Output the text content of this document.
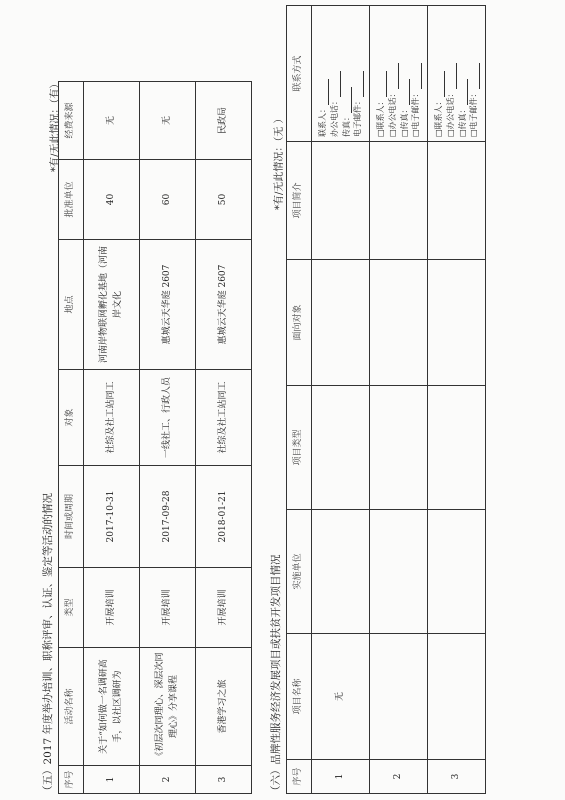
（五）2017 年度举办培训、职称评审、认证、鉴定等活动的情况
*有/无此情况：（有）
序号	活动名称	类型	时间或周期	对象	地点	批准单位	经费来源
1	关于“如何做一名调研高手，以社区调研为	开展培训	2017-10-31	社综及社工站同工	河南岸物联网孵化基地（河南岸文化	40	无
2	《初层次同理心、深层次同理心》分享课程	开展培训	2017-09-28	一线社工、行政人员	惠城云天华庭 2607	60	无
3	香港学习之旅	开展培训	2018-01-21	社综及社工站同工	惠城云天华庭 2607	50	民政局
（六）品牌性服务经济发展项目或扶贫开发项目情况
*有/无此情况：（无 ）
序号	项目名称	实施单位	项目类型	面向对象	项目简介	联系方式
1	无					联系人： 办公电话： 传真： 电子邮件：

2						□联系人： □办公电话： □传真： □电子邮件：

3						□联系人： □办公电话： □传真： □电子邮件：
